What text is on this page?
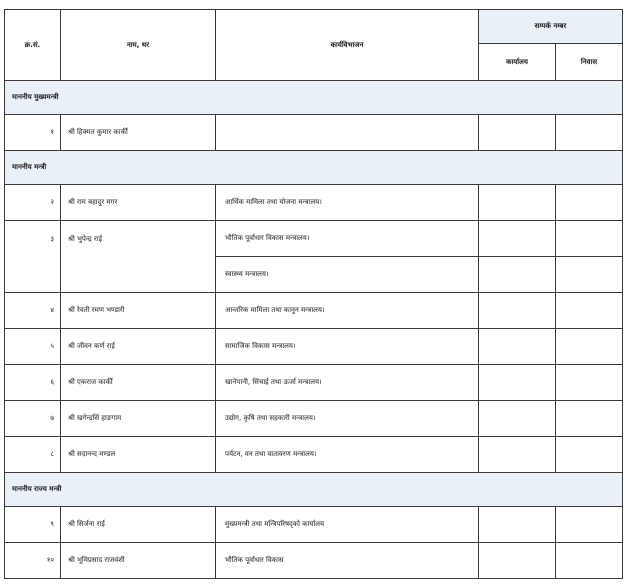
क्र.सं.	नाम, थर	कार्यविभाजन	सम्पर्क नम्बर	
			कार्यालय	निवास
माननीय मुख्यमन्त्री				
१	श्री हिक्मत कुमार कार्की			
माननीय मन्त्री				
२	श्री राम बहादुर मगर	आर्थिक मामिला तथा योजना मन्त्रालय।		
३	श्री भुपेन्द्र राई	भौतिक पूर्वाधार विकास मन्त्रालय।		
		स्वास्थ्य मन्त्रालय।		
४	श्री रेवती रमण भण्डारी	आन्तरिक मामिला तथा कानुन मन्त्रालय।		
५	श्री जीवन कर्ण राई	सामाजिक विकास मन्त्रालय।		
६	श्री एकराज कार्की	खानेपानी, सिंचाई तथा ऊर्जा मन्त्रालय।		
७	श्री खगेन्द्रसिं हाङगाम	उद्योग, कृषि तथा सहकारी मन्त्रालय।		
८	श्री सदानन्द मण्डल	पर्यटन, वन तथा वातावरण मन्त्रालय।		
माननीय राज्य मन्त्री				
९	श्री सिर्जना राई	मुख्यमन्त्री तथा मन्त्रिपरिषद्को कार्यालय		
१०	श्री भूमिप्रसाद राजवंशी	भौतिक पूर्वाधार विकास		
